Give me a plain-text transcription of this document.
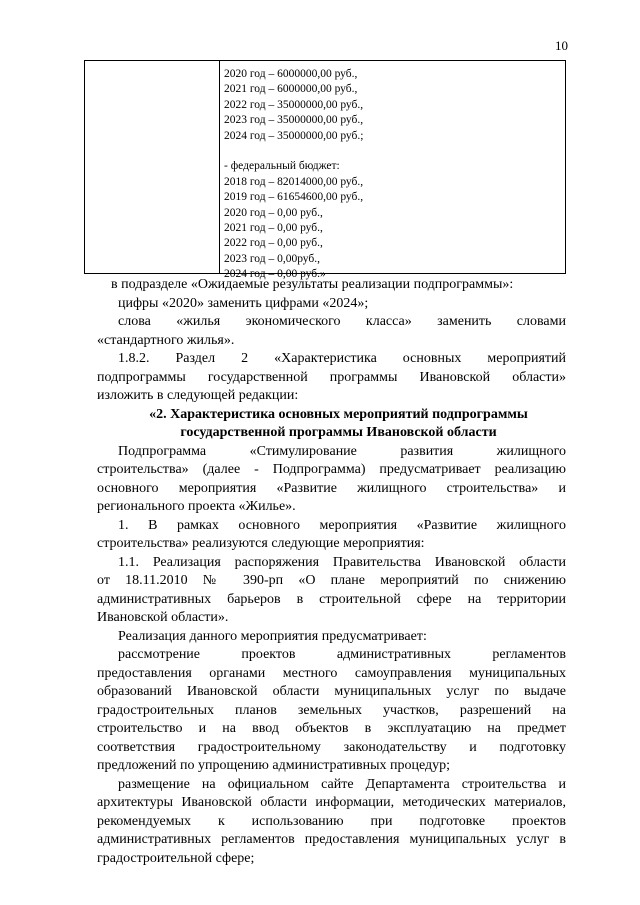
10
2020 год – 6000000,00 руб.,
2021 год – 6000000,00 руб.,
2022 год – 35000000,00 руб.,
2023 год – 35000000,00 руб.,
2024 год – 35000000,00 руб.;
- федеральный бюджет:
2018 год – 82014000,00 руб.,
2019 год – 61654600,00 руб.,
2020 год – 0,00 руб.,
2021 год – 0,00 руб.,
2022 год – 0,00 руб.,
2023 год – 0,00руб.,
2024 год – 0,00 руб.»
в подразделе «Ожидаемые результаты реализации подпрограммы»:
цифры «2020» заменить цифрами «2024»;
слова «жилья экономического класса» заменить словами
«стандартного жилья».
1.8.2. Раздел 2 «Характеристика основных мероприятий
подпрограммы государственной программы Ивановской области»
изложить в следующей редакции:
«2. Характеристика основных мероприятий подпрограммы
государственной программы Ивановской области
Подпрограмма «Стимулирование развития жилищного
строительства» (далее - Подпрограмма) предусматривает реализацию
основного мероприятия «Развитие жилищного строительства» и
регионального проекта «Жилье».
1. В рамках основного мероприятия «Развитие жилищного
строительства» реализуются следующие мероприятия:
1.1. Реализация распоряжения Правительства Ивановской области
от 18.11.2010 № 390-рп «О плане мероприятий по снижению
административных барьеров в строительной сфере на территории
Ивановской области».
Реализация данного мероприятия предусматривает:
рассмотрение проектов административных регламентов
предоставления органами местного самоуправления муниципальных
образований Ивановской области муниципальных услуг по выдаче
градостроительных планов земельных участков, разрешений на
строительство и на ввод объектов в эксплуатацию на предмет
соответствия градостроительному законодательству и подготовку
предложений по упрощению административных процедур;
размещение на официальном сайте Департамента строительства и
архитектуры Ивановской области информации, методических материалов,
рекомендуемых к использованию при подготовке проектов
административных регламентов предоставления муниципальных услуг в
градостроительной сфере;
